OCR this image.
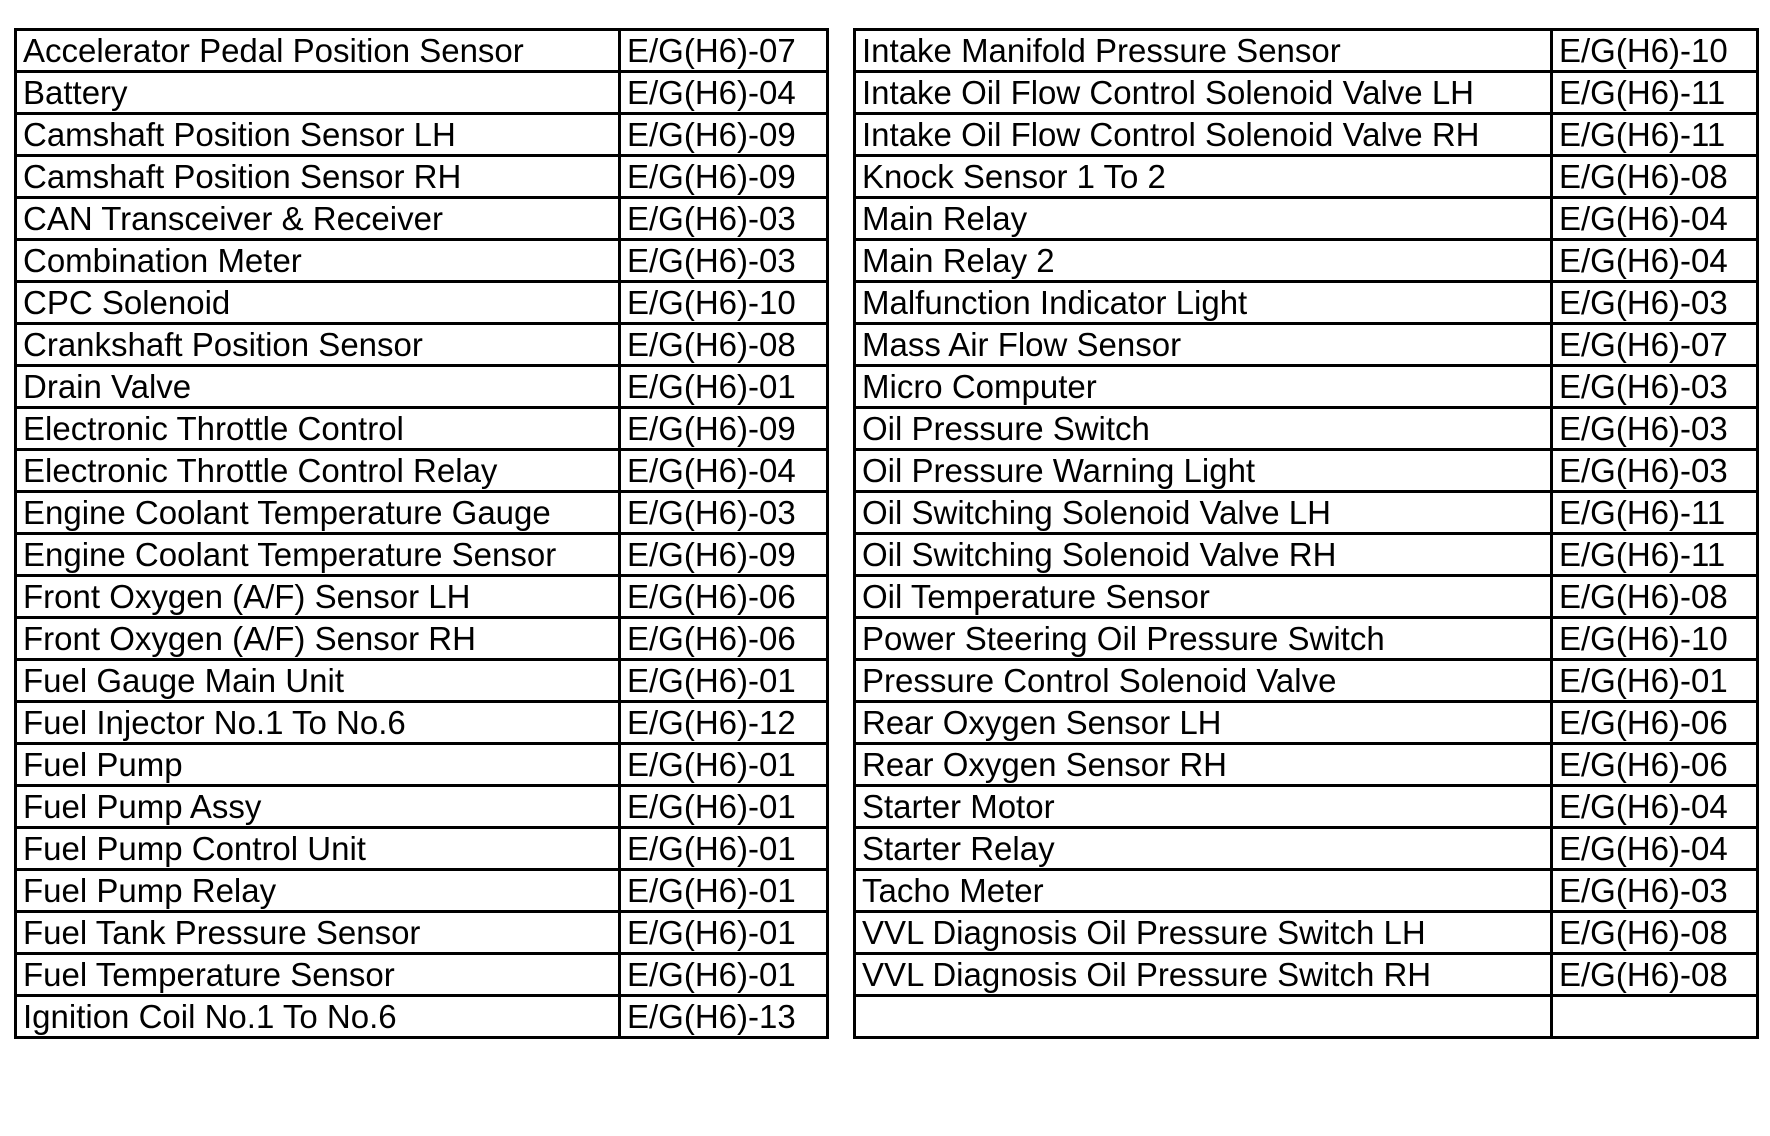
Accelerator Pedal Position Sensor	E/G(H6)-07
Battery	E/G(H6)-04
Camshaft Position Sensor LH	E/G(H6)-09
Camshaft Position Sensor RH	E/G(H6)-09
CAN Transceiver & Receiver	E/G(H6)-03
Combination Meter	E/G(H6)-03
CPC Solenoid	E/G(H6)-10
Crankshaft Position Sensor	E/G(H6)-08
Drain Valve	E/G(H6)-01
Electronic Throttle Control	E/G(H6)-09
Electronic Throttle Control Relay	E/G(H6)-04
Engine Coolant Temperature Gauge	E/G(H6)-03
Engine Coolant Temperature Sensor	E/G(H6)-09
Front Oxygen (A/F) Sensor LH	E/G(H6)-06
Front Oxygen (A/F) Sensor RH	E/G(H6)-06
Fuel Gauge Main Unit	E/G(H6)-01
Fuel Injector No.1 To No.6	E/G(H6)-12
Fuel Pump	E/G(H6)-01
Fuel Pump Assy	E/G(H6)-01
Fuel Pump Control Unit	E/G(H6)-01
Fuel Pump Relay	E/G(H6)-01
Fuel Tank Pressure Sensor	E/G(H6)-01
Fuel Temperature Sensor	E/G(H6)-01
Ignition Coil No.1 To No.6	E/G(H6)-13
Intake Manifold Pressure Sensor	E/G(H6)-10
Intake Oil Flow Control Solenoid Valve LH	E/G(H6)-11
Intake Oil Flow Control Solenoid Valve RH	E/G(H6)-11
Knock Sensor 1 To 2	E/G(H6)-08
Main Relay	E/G(H6)-04
Main Relay 2	E/G(H6)-04
Malfunction Indicator Light	E/G(H6)-03
Mass Air Flow Sensor	E/G(H6)-07
Micro Computer	E/G(H6)-03
Oil Pressure Switch	E/G(H6)-03
Oil Pressure Warning Light	E/G(H6)-03
Oil Switching Solenoid Valve LH	E/G(H6)-11
Oil Switching Solenoid Valve RH	E/G(H6)-11
Oil Temperature Sensor	E/G(H6)-08
Power Steering Oil Pressure Switch	E/G(H6)-10
Pressure Control Solenoid Valve	E/G(H6)-01
Rear Oxygen Sensor LH	E/G(H6)-06
Rear Oxygen Sensor RH	E/G(H6)-06
Starter Motor	E/G(H6)-04
Starter Relay	E/G(H6)-04
Tacho Meter	E/G(H6)-03
VVL Diagnosis Oil Pressure Switch LH	E/G(H6)-08
VVL Diagnosis Oil Pressure Switch RH	E/G(H6)-08
